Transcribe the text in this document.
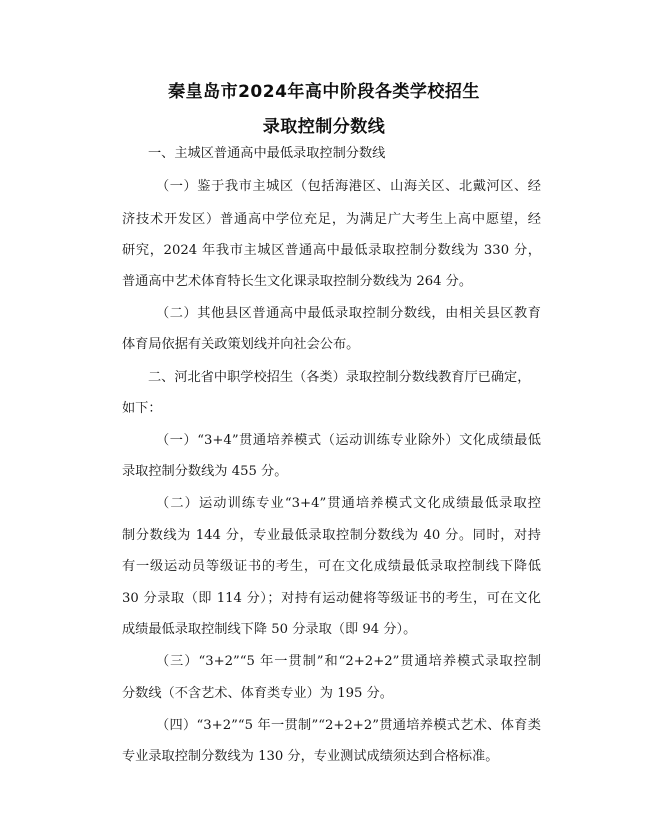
秦皇岛市2024年高中阶段各类学校招生
录取控制分数线
一、主城区普通高中最低录取控制分数线
（一）鉴于我市主城区（包括海港区、山海关区、北戴河区、经
济技术开发区）普通高中学位充足，为满足广大考生上高中愿望，经
研究，2024 年我市主城区普通高中最低录取控制分数线为 330 分，
普通高中艺术体育特长生文化课录取控制分数线为 264 分。
（二）其他县区普通高中最低录取控制分数线，由相关县区教育
体育局依据有关政策划线并向社会公布。
二、河北省中职学校招生（各类）录取控制分数线教育厅已确定，
如下：
（一）“3+4”贯通培养模式（运动训练专业除外）文化成绩最低
录取控制分数线为 455 分。
（二）运动训练专业“3+4”贯通培养模式文化成绩最低录取控
制分数线为 144 分，专业最低录取控制分数线为 40 分。同时，对持
有一级运动员等级证书的考生，可在文化成绩最低录取控制线下降低
30 分录取（即 114 分）；对持有运动健将等级证书的考生，可在文化
成绩最低录取控制线下降 50 分录取（即 94 分）。
（三）“3+2”“5 年一贯制”和“2+2+2”贯通培养模式录取控制
分数线（不含艺术、体育类专业）为 195 分。
（四）“3+2”“5 年一贯制”“2+2+2”贯通培养模式艺术、体育类
专业录取控制分数线为 130 分，专业测试成绩须达到合格标准。
